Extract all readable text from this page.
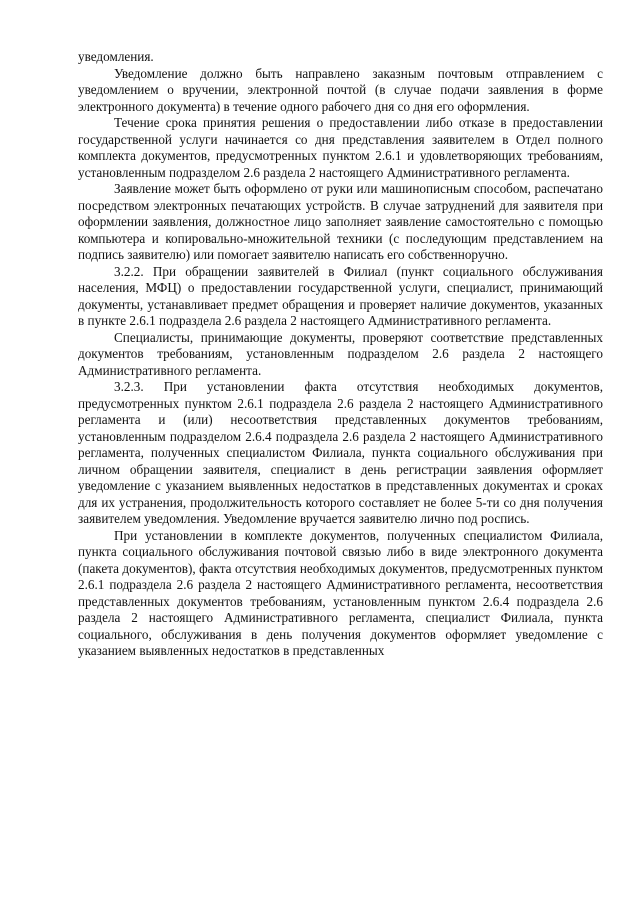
уведомления.

Уведомление должно быть направлено заказным почтовым отправлением с уведомлением о вручении, электронной почтой (в случае подачи заявления в форме электронного документа) в течение одного рабочего дня со дня его оформления.

Течение срока принятия решения о предоставлении либо отказе в предоставлении государственной услуги начинается со дня представления заявителем в Отдел полного комплекта документов, предусмотренных пунктом 2.6.1 и удовлетворяющих требованиям, установленным подразделом 2.6 раздела 2 настоящего Административного регламента.

Заявление может быть оформлено от руки или машинописным способом, распечатано посредством электронных печатающих устройств. В случае затруднений для заявителя при оформлении заявления, должностное лицо заполняет заявление самостоятельно с помощью компьютера и копировально-множительной техники (с последующим представлением на подпись заявителю) или помогает заявителю написать его собственноручно.

3.2.2. При обращении заявителей в Филиал (пункт социального обслуживания населения, МФЦ) о предоставлении государственной услуги, специалист, принимающий документы, устанавливает предмет обращения и проверяет наличие документов, указанных в пункте 2.6.1 подраздела 2.6 раздела 2 настоящего Административного регламента.

Специалисты, принимающие документы, проверяют соответствие представленных документов требованиям, установленным подразделом 2.6 раздела 2 настоящего Административного регламента.

3.2.3. При установлении факта отсутствия необходимых документов, предусмотренных пунктом 2.6.1 подраздела 2.6 раздела 2 настоящего Административного регламента и (или) несоответствия представленных документов требованиям, установленным подразделом 2.6.4 подраздела 2.6 раздела 2 настоящего Административного регламента, полученных специалистом Филиала, пункта социального обслуживания при личном обращении заявителя, специалист в день регистрации заявления оформляет уведомление с указанием выявленных недостатков в представленных документах и сроках для их устранения, продолжительность которого составляет не более 5-ти со дня получения заявителем уведомления. Уведомление вручается заявителю лично под роспись.

При установлении в комплекте документов, полученных специалистом Филиала, пункта социального обслуживания почтовой связью либо в виде электронного документа (пакета документов), факта отсутствия необходимых документов, предусмотренных пунктом 2.6.1 подраздела 2.6 раздела 2 настоящего Административного регламента, несоответствия представленных документов требованиям, установленным пунктом 2.6.4 подраздела 2.6 раздела 2 настоящего Административного регламента, специалист Филиала, пункта социального, обслуживания в день получения документов оформляет уведомление с указанием выявленных недостатков в представленных
